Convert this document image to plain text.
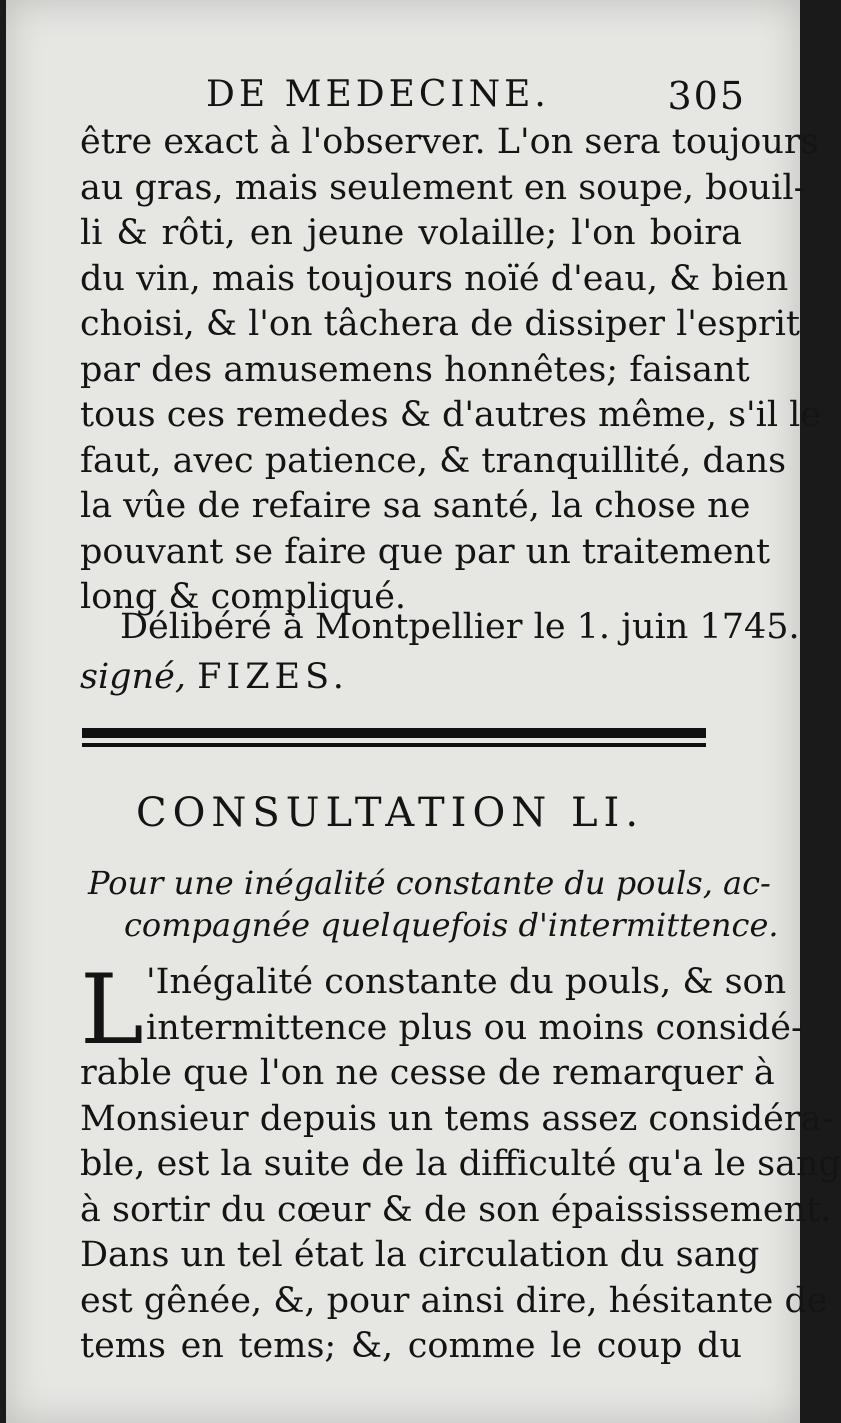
DE MEDECINE.	305
être exact à l'observer. L'on sera toujours
au gras, mais seulement en soupe, bouil-
li & rôti, en jeune volaille; l'on boira
du vin, mais toujours noïé d'eau, & bien
choisi, & l'on tâchera de dissiper l'esprit
par des amusemens honnêtes; faisant
tous ces remedes & d'autres même, s'il le
faut, avec patience, & tranquillité, dans
la vûe de refaire sa santé, la chose ne
pouvant se faire que par un traitement
long & compliqué.
Délibéré à Montpellier le 1. juin 1745.
signé, FIZES.
CONSULTATION LI.
Pour une inégalité constante du pouls, ac-
compagnée quelquefois d'intermittence.
L 'Inégalité constante du pouls, & son
intermittence plus ou moins considé-
rable que l'on ne cesse de remarquer à
Monsieur depuis un tems assez considéra-
ble, est la suite de la difficulté qu'a le sang
à sortir du cœur & de son épaississement.
Dans un tel état la circulation du sang
est gênée, &, pour ainsi dire, hésitante de
tems en tems; &, comme le coup du
